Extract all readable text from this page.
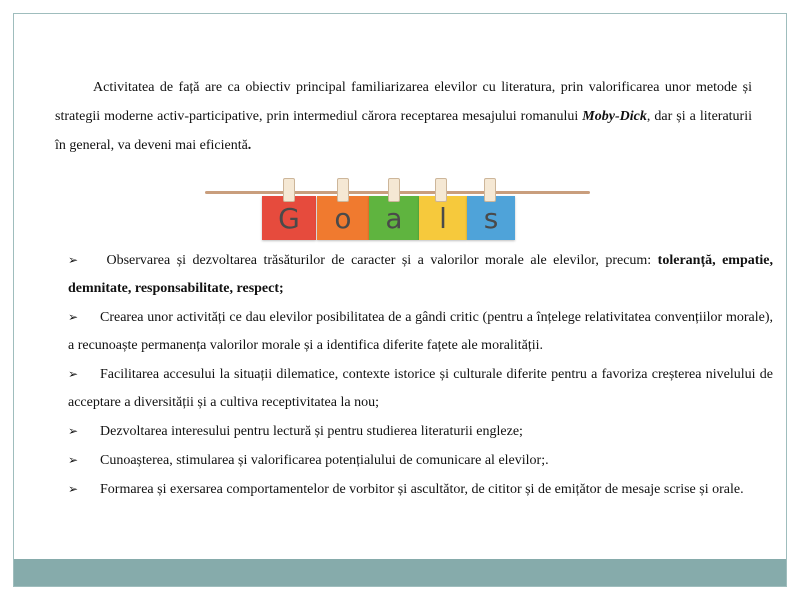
Activitatea de față are ca obiectiv principal familiarizarea elevilor cu literatura, prin valorificarea unor metode și strategii moderne activ-participative, prin intermediul cărora receptarea mesajului romanului Moby-Dick, dar și a literaturii în general, va deveni mai eficientă.

G o a l s
➢ Observarea și dezvoltarea trăsăturilor de caracter și a valorilor morale ale elevilor, precum: toleranță, empatie, demnitate, responsabilitate, respect;
➢ Crearea unor activități ce dau elevilor posibilitatea de a gândi critic (pentru a înțelege relativitatea convențiilor morale), a recunoaște permanența valorilor morale și a identifica diferite fațete ale moralității.
➢ Facilitarea accesului la situații dilematice, contexte istorice și culturale diferite pentru a favoriza creșterea nivelului de acceptare a diversității și a cultiva receptivitatea la nou;
➢ Dezvoltarea interesului pentru lectură și pentru studierea literaturii engleze;
➢ Cunoașterea, stimularea și valorificarea potențialului de comunicare al elevilor;.
➢ Formarea și exersarea comportamentelor de vorbitor și ascultător, de cititor și de emițător de mesaje scrise și orale.
